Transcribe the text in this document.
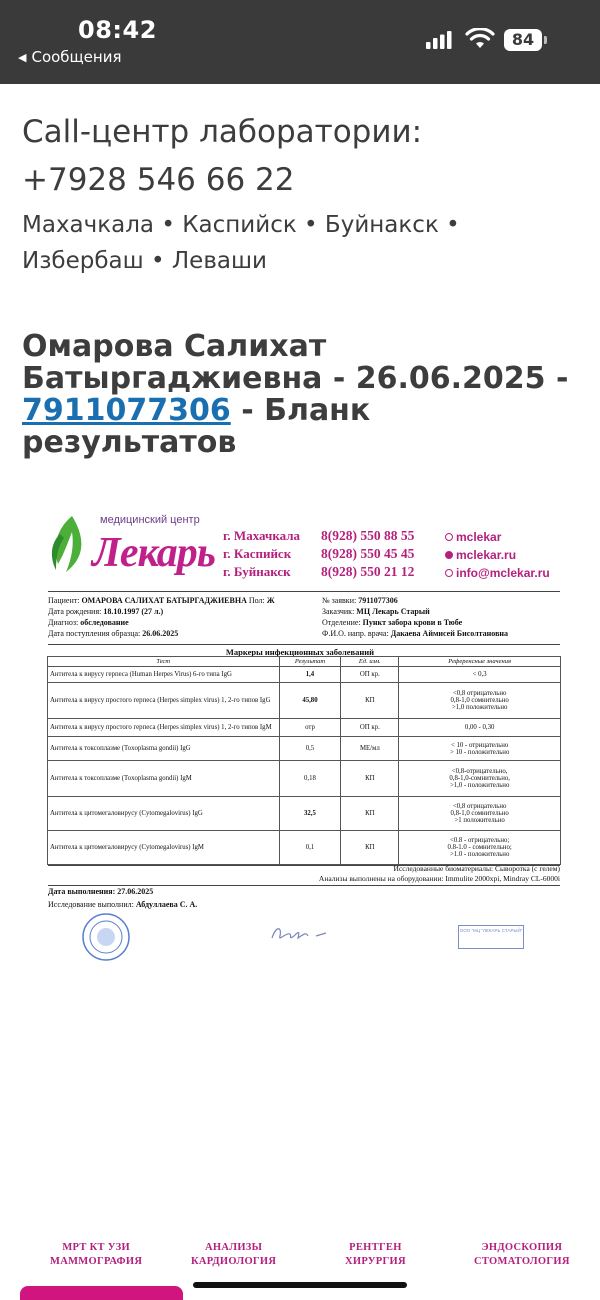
08:42
◀ Сообщения
84
Call-центр лаборатории:
+7928 546 66 22
Махачкала • Каспийск • Буйнакск •
Избербаш • Леваши
Омарова Салихат Батыргаджиевна - 26.06.2025 - 7911077306 - Бланк результатов
медицинский центр
Лекарь г. Махачкала
г. Каспийск
г. Буйнакск
8(928) 550 88 55
8(928) 550 45 45
8(928) 550 21 12
mclekar
mclekar.ru
info@mclekar.ru
Пациент: ОМАРОВА САЛИХАТ БАТЫРГАДЖИЕВНА Пол: Ж
Дата рождения: 18.10.1997 (27 л.)
Диагноз: обследование
Дата поступления образца: 26.06.2025
№ заявки: 7911077306
Заказчик: МЦ Лекарь Старый
Отделение: Пункт забора крови в Тюбе
Ф.И.О. напр. врача: Дакаева Аймисей Бисолтановна
Маркеры инфекционных заболеваний
Тест	Результат	Ед. изм.	Референсные значения
Антитела к вирусу герпеса (Human Herpes Virus) 6-го типа IgG	1,4	ОП кр.	< 0,3

Антитела к вирусу простого герпеса (Herpes simplex virus) 1, 2-го типов IgG	45,80	КП	<0,8 отрицательно
0,8-1,0 сомнительно
>1,0 положительно

Антитела к вирусу простого герпеса (Herpes simplex virus) 1, 2-го типов IgM	отр	ОП кр.	0,00 - 0,30

Антитела к токсоплазме (Toxoplasma gondii) IgG	0,5	МЕ/мл	< 10 - отрицательно
> 10 - положительно

Антитела к токсоплазме (Toxoplasma gondii) IgM	0,18	КП	<0,8-отрицательно,
0,8-1,0-сомнительно,
>1,0 - положительно

Антитела к цитомегаловирусу (Cytomegalovirus) IgG	32,5	КП	<0,8 отрицательно
0,8-1,0 сомнительно
>1 положительно

Антитела к цитомегаловирусу (Cytomegalovirus) IgM	0,1	КП	<0.8 - отрицательно;
0.8-1.0 - сомнительно;
>1.0 - положительно
Исследованные биоматериалы: Сыворотка (с гелем)
Анализы выполнены на оборудовании: Immulite 2000xpi, Mindray CL-6000i
Дата выполнения: 27.06.2025
Исследование выполнил: Абдуллаева С. А.
ООО "МЦ "ЛЕКАРЬ СТАРЫЙ"
МРТ КТ УЗИ
МАММОГРАФИЯ
АНАЛИЗЫ
КАРДИОЛОГИЯ
РЕНТГЕН
ХИРУРГИЯ
ЭНДОСКОПИЯ
СТОМАТОЛОГИЯ
